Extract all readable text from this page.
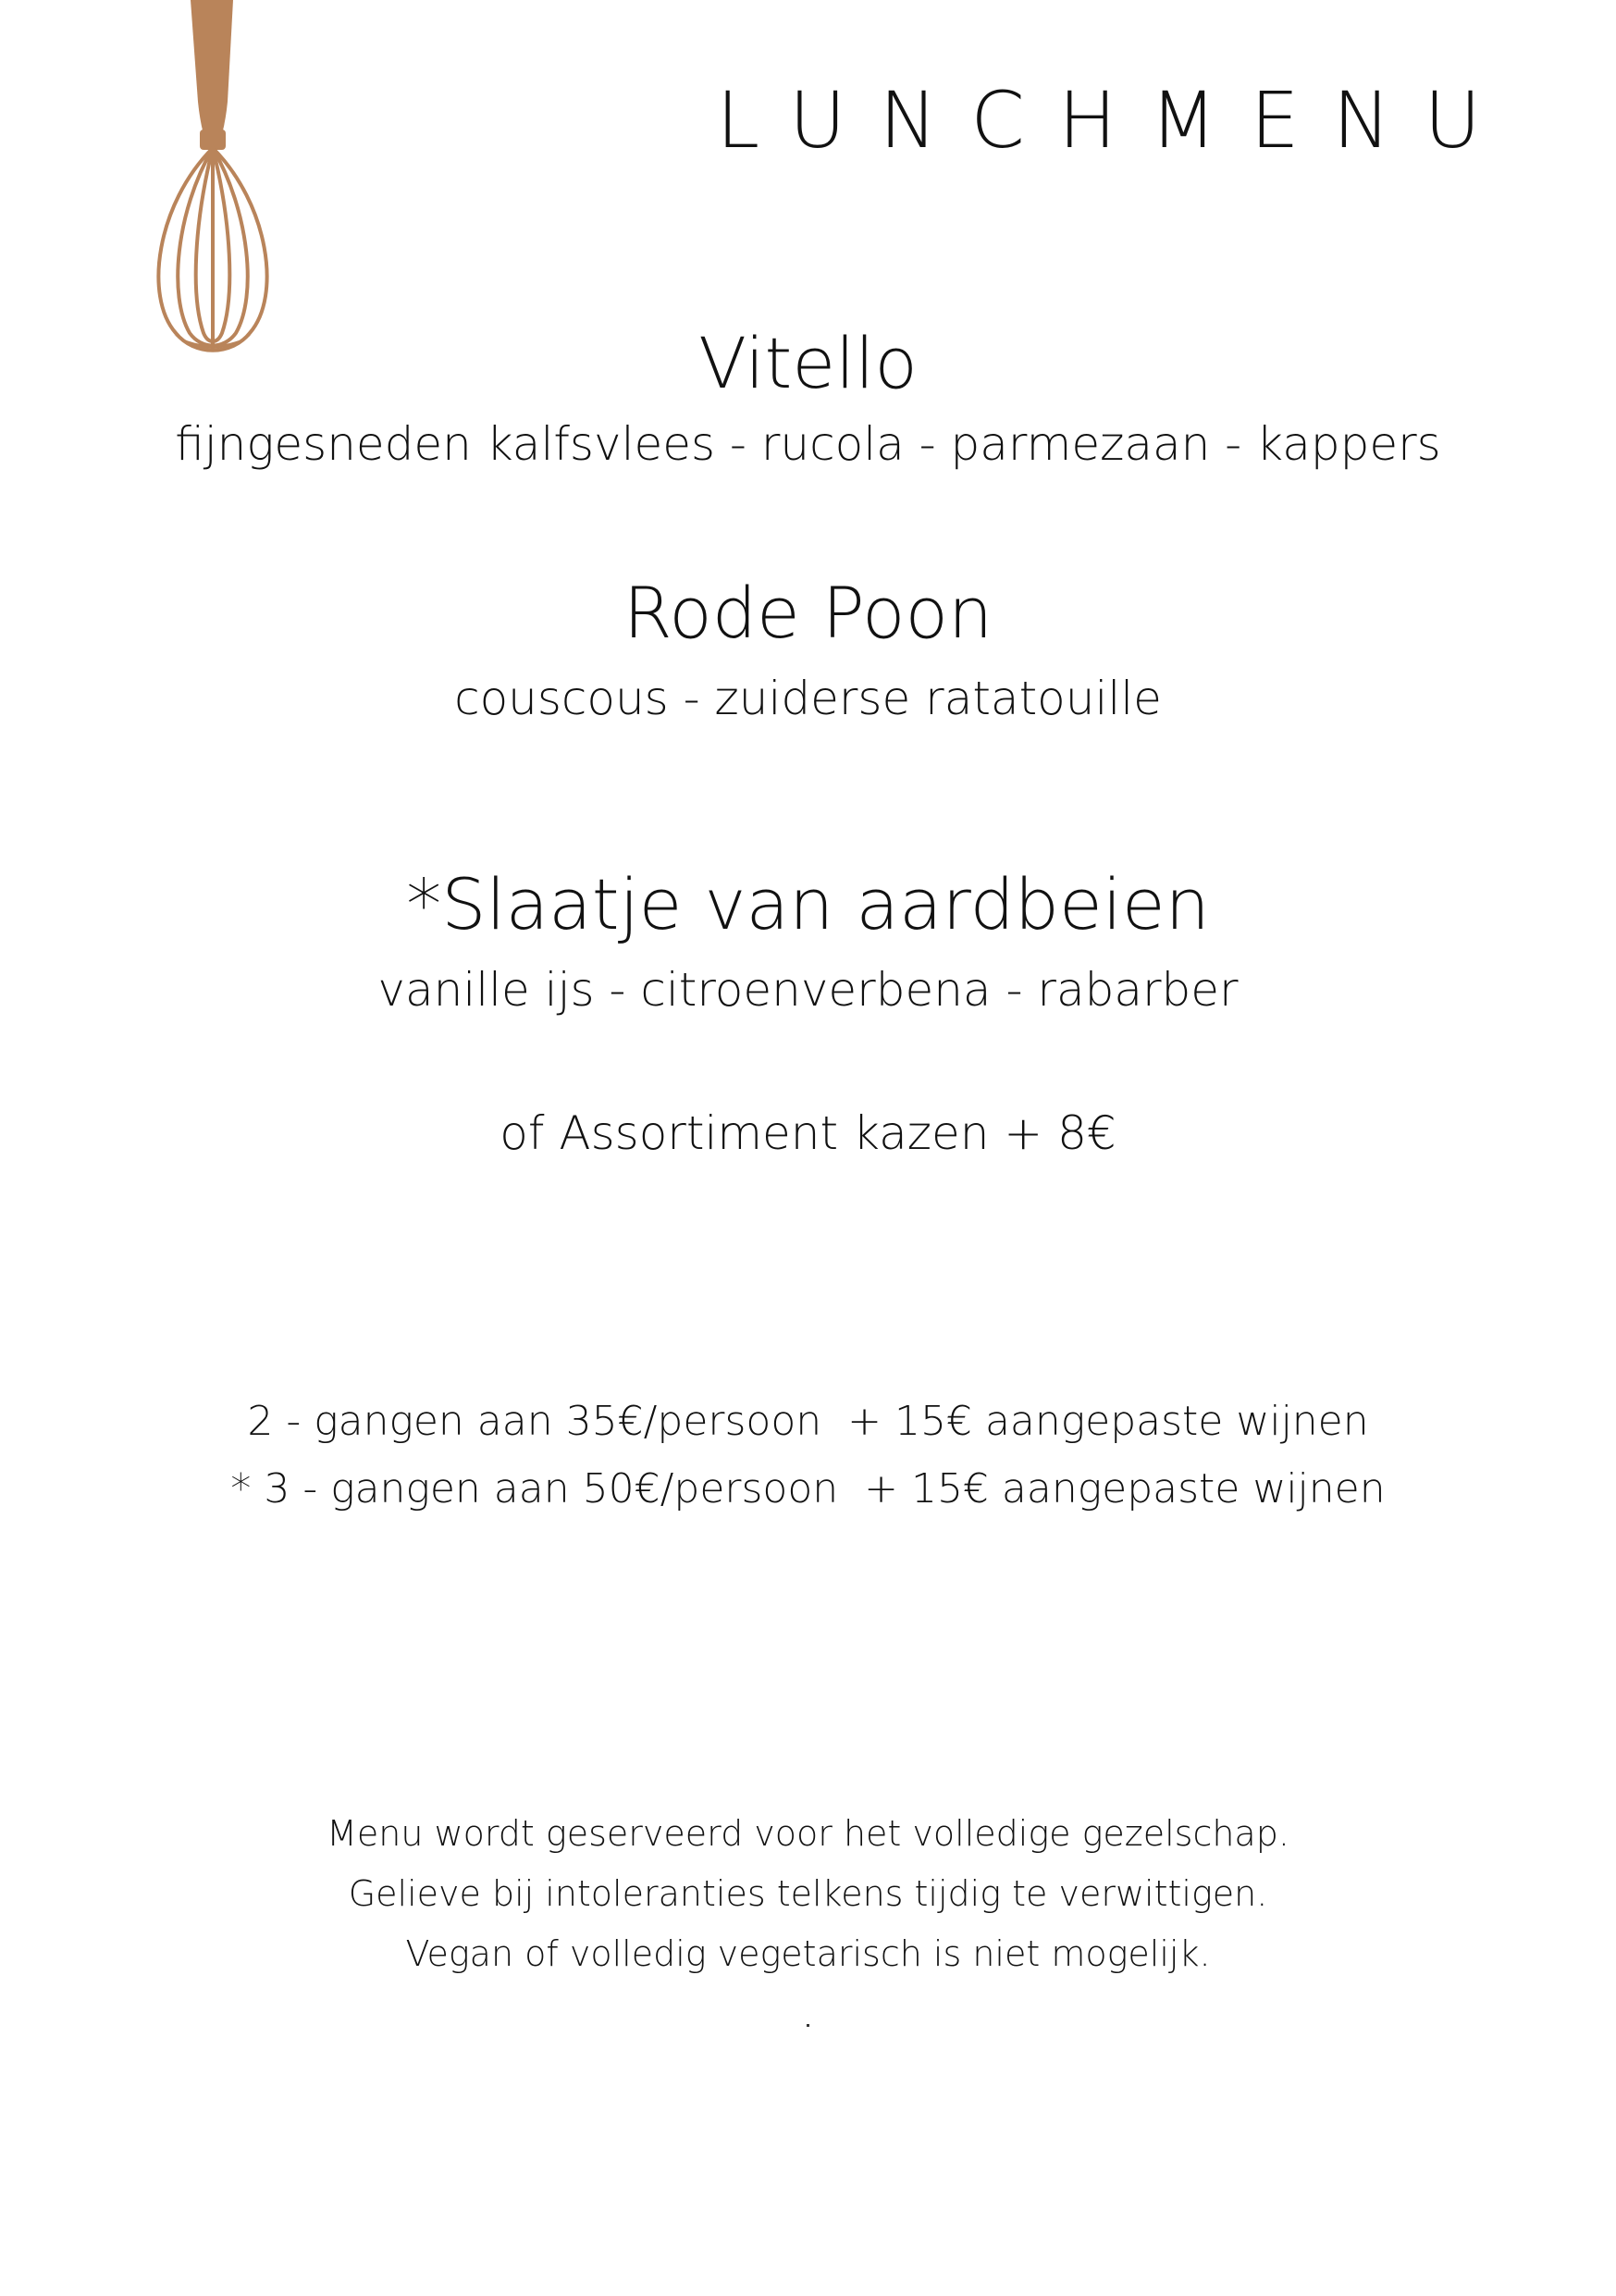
LUNCHMENU
Vitello
fijngesneden kalfsvlees - rucola - parmezaan - kappers
Rode Poon
couscous - zuiderse ratatouille
*Slaatje van aardbeien
vanille ijs - citroenverbena - rabarber
of Assortiment kazen + 8€
2 - gangen aan 35€/persoon  + 15€ aangepaste wijnen
* 3 - gangen aan 50€/persoon  + 15€ aangepaste wijnen
Menu wordt geserveerd voor het volledige gezelschap.
Gelieve bij intoleranties telkens tijdig te verwittigen.
Vegan of volledig vegetarisch is niet mogelijk.
